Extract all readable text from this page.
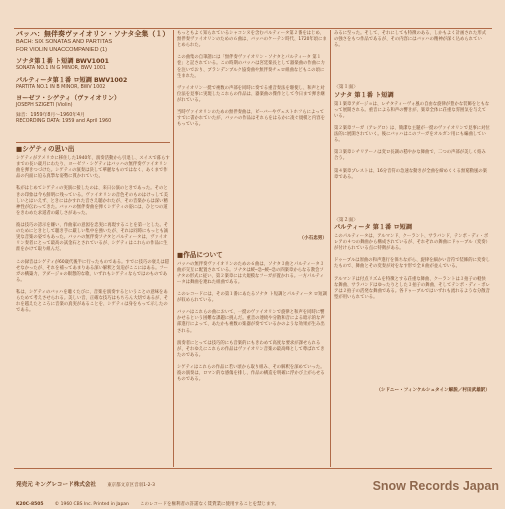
バッハ：無伴奏ヴァイオリン・ソナタ全集（１）
BACH: SIX SONATAS AND PARTITAS
FOR VIOLIN UNACCOMPANIED (1)
ソナタ第１番 ト短調 BWV1001
SONATA NO.1 IN G MINOR, BWV 1001
パルティータ第１番 ロ短調 BWV1002
PARTITA NO.1 IN B MINOR, BWV 1002
ヨーゼフ・シゲティ（ヴァイオリン）
JOSEPH SZIGETI (Violin)
録音：1959年8月～1960年4月
RECORDING DATA: 1959 and April 1960
■シゲティの思い出
シゲティがアメリカに移住した1940年、演奏活動から引退し、スイスで暮らすまでの長い歳月にわたり、ヨーゼフ・シゲティはバッハの無伴奏ヴァイオリン曲を弾きつづけた。シゲティの演奏は決して華麗なものではなく、あくまで作品の内面に迫る真摯な姿勢に貫かれていた。

私がはじめてシゲティの実演に接したのは、来日公演のときであった。そのときの印象は今も鮮明に残っている。ヴァイオリンの音色そのものはけっして美しいとはいえず、ときにはかすれた音さえ聴かれたが、その音楽からは深い精神性が伝わってきた。バッハの無伴奏曲を弾くシゲティの姿には、ひとつの道をきわめた求道者の厳しさがあった。

彼は技巧の誇示を嫌い、作曲家の意図を忠実に再現することを第一とした。そのためにときとして聴き手に厳しい集中を強いたが、それは同時にもっとも誠実な音楽の姿でもあった。バッハの無伴奏ソナタとパルティータは、ヴァイオリン奏者にとって最高の試金石とされているが、シゲティはこれらの作品に生涯をかけて取り組んだ。

この録音はシゲティが60歳代後半に行ったものである。すでに技巧の衰えは隠せなかったが、それを補ってあまりある深い解釈と気迫がここにはある。フーガの構築力、アダージョの瞑想的な歌、いずれもシゲティならではのものである。

私は、シゲティのバッハを聴くたびに、音楽を演奏するということの意味をあらためて考えさせられる。美しい音、正確な技巧はもちろん大切であるが、それを越えたところに音楽の真実があることを、シゲティは身をもって示したのである。
もっともよく知られているシャコンヌを含むパルティータ第２番をはじめ、無伴奏ヴァイオリンのための６曲は、バッハのケーテン時代、1720年頃にまとめられた。

この曲集の自筆譜には「無伴奏ヴァイオリン・ソナタとパルティータ 第１巻」と記されている。この時期のバッハは宮廷楽長として器楽曲の作曲に力を注いでおり、ブランデンブルク協奏曲や無伴奏チェロ組曲などもこの頃に生まれた。

ヴァイオリン一挺で複数の声部を同時に奏でる重音奏法を駆使し、和声と対位法を見事に実現したこれらの作品は、器楽曲の傑作として今日まで弾き継がれている。

当時ヴァイオリンのための無伴奏曲は、ビーバーやヴェストホフらによってすでに書かれていたが、バッハの作品はそれらをはるかに凌ぐ規模と内容をもっている。
（小石忠男）
■作品について
バッハの無伴奏ヴァイオリンのための６曲は、ソナタ３曲とパルティータ３曲が交互に配置されている。ソナタは緩─急─緩─急の四楽章からなる教会ソナタの形式に従い、第２楽章には大規模なフーガが置かれる。一方パルティータは舞曲を連ねた組曲である。

このレコードには、その第１番にあたるソナタ ト短調とパルティータ ロ短調が収められている。

バッハはこれらの曲において、一挺のヴァイオリンで旋律と和声を同時に響かせるという困難な課題に挑んだ。重音の連続や分散和音による暗示的な声部進行によって、あたかも複数の楽器が奏でているかのような効果が生み出される。

演奏者にとっては技巧的にも音楽的にもきわめて高度な要求が課せられるが、それゆえにこれらの作品はヴァイオリン音楽の最高峰として尊ばれてきたのである。

シゲティはこれらの作品に若い頃から取り組み、その解釈を深めていった。彼の演奏は、ロマン的な感傷を排し、作品の構造を明確に浮かび上がらせるものである。
みるに至った。そして、それにしても特徴のある、しかもよく計画された形式の強さをもつ作品であるが、その内容にはバッハの精神が深く込められている。
〈第１面〉
ソナタ 第１番 ト短調
第１楽章アダージョは、レチタティーヴォ風の自由な旋律が豊かな装飾をともなって展開される。重音による和声の響きが、楽章全体に荘重な雰囲気を与えている。

第２楽章フーガ（アレグロ）は、簡潔な主題が一挺のヴァイオリンで見事に対位法的に展開されていく。後にバッハはこのフーガをオルガン用にも編曲している。

第３楽章シチリアーノは変ロ長調の穏やかな舞曲で、二つの声部が美しく絡み合う。

第４楽章プレストは、16分音符の急速な動きが全曲を締めくくる無窮動風の楽章である。
〈第２面〉
パルティータ 第１番 ロ短調
このパルティータは、アルマンド、クーラント、サラバンド、テンポ・ディ・ボレアの４つの舞曲から構成されているが、それぞれの舞曲にドゥーブル（変奏）が付けられている点に特徴がある。

ドゥーブルは原曲の和声進行を保ちながら、旋律を細かい音符で装飾的に変奏したもので、舞曲とその変奏が対をなす形で全８曲が並んでいる。

アルマンドは付点リズムを特徴とする荘重な舞曲、クーラントは３拍子の軽快な舞曲、サラバンドはゆったりとした３拍子の舞曲、そしてテンポ・ディ・ボレアは２拍子の活発な舞曲である。各ドゥーブルではいずれも流れるような分散音型が用いられている。
（シドニー・フィンケルシュタイン解説／村田武雄訳）
発売元 キングレコード株式会社 東京都文京区音羽1-2-3
K20C-8505 © 1960 CBS Inc. Printed in Japan このレコードを権利者の許諾なく賃貸業に使用することを禁じます。
Snow Records Japan
